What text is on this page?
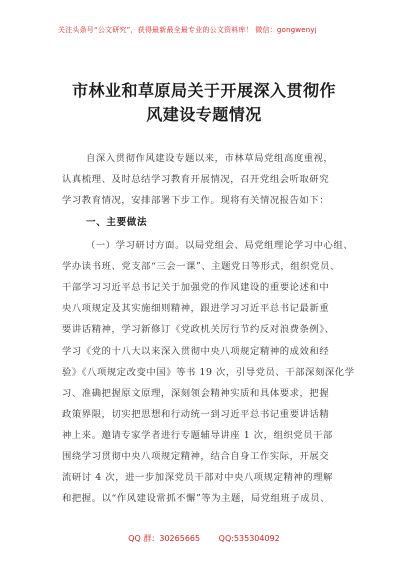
关注头条号“公文研究”，获得最新最全最专业的公文资料库！ 微信：gongwenyj
市林业和草原局关于开展深入贯彻作
风建设专题情况
自深入贯彻作风建设专题以来，市林草局党组高度重视，
认真梳理、及时总结学习教育开展情况，召开党组会听取研究
学习教育情况，安排部署下步工作。现将有关情况报告如下：
一、主要做法
（一）学习研讨方面。以局党组会、局党组理论学习中心组、
学办读书班、党支部“三会一课”、主题党日等形式，组织党员、
干部学习习近平总书记关于加强党的作风建设的重要论述和中
央八项规定及其实施细则精神，跟进学习习近平总书记最新重
要讲话精神，学习新修订《党政机关厉行节约反对浪费条例》、
学习《党的十八大以来深入贯彻中央八项规定精神的成效和经
验》《八项规定改变中国》等书 19 次，引导党员、干部深刻深化学
习、准确把握原文原理，深刻领会精神实质和具体要求，把握
政策界限，切实把思想和行动统一到习近平总书记重要讲话精
神上来。邀请专家学者进行专题辅导讲座 1 次，组织党员干部
围绕学习贯彻中央八项规定精神，结合自身工作实际，开展交
流研讨 4 次，进一步加深党员干部对中央八项规定精神的理解
和把握。以“作风建设常抓不懈”等为主题，局党组班子成员、
QQ 群：30265665 QQ:535304092
